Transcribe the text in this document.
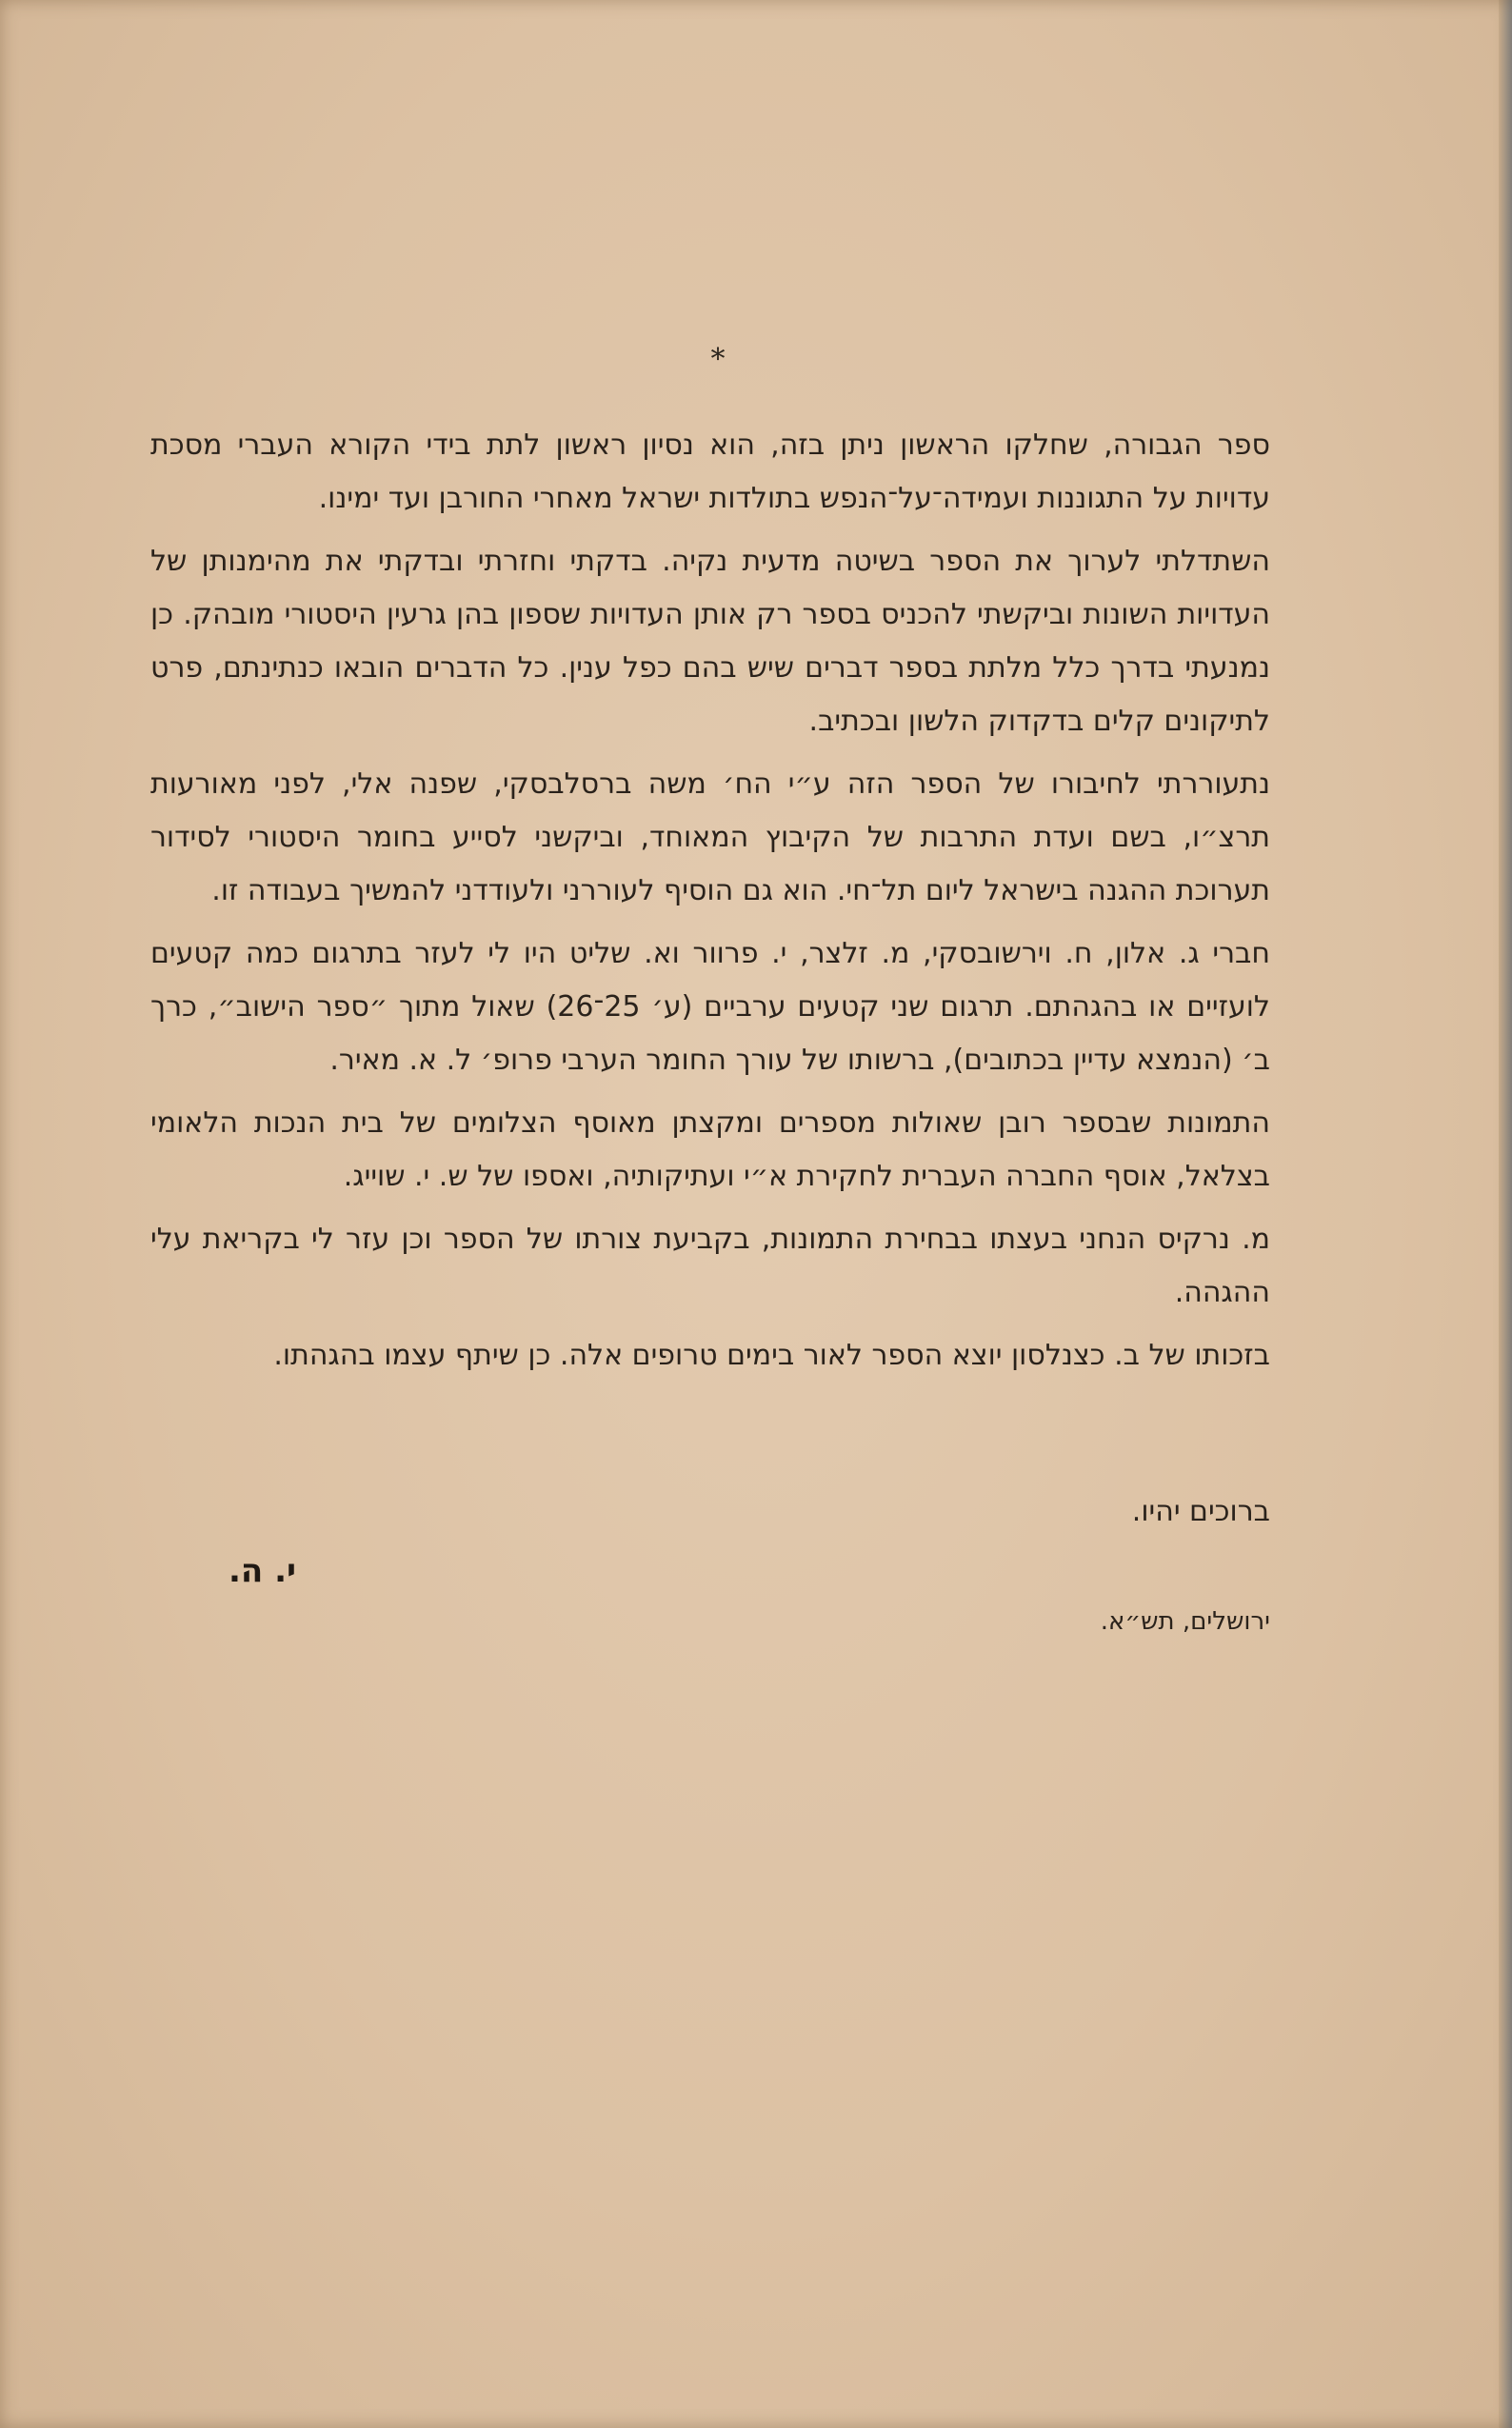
*

ספר הגבורה, שחלקו הראשון ניתן בזה, הוא נסיון ראשון לתת בידי הקורא העברי מסכת עדויות על התגוננות ועמידה־על־הנפש בתולדות ישראל מאחרי החורבן ועד ימינו.

השתדלתי לערוך את הספר בשיטה מדעית נקיה. בדקתי וחזרתי ובדקתי את מהימנותן של העדויות השונות וביקשתי להכניס בספר רק אותן העדויות שספון בהן גרעין היסטורי מובהק. כן נמנעתי בדרך כלל מלתת בספר דברים שיש בהם כפל ענין. כל הדברים הובאו כנתינתם, פרט לתיקונים קלים בדקדוק הלשון ובכתיב.

נתעוררתי לחיבורו של הספר הזה ע״י הח׳ משה ברסלבסקי, שפנה אלי, לפני מאורעות תרצ״ו, בשם ועדת התרבות של הקיבוץ המאוחד, וביקשני לסייע בחומר היסטורי לסידור תערוכת ההגנה בישראל ליום תל־חי. הוא גם הוסיף לעוררני ולעודדני להמשיך בעבודה זו.

חברי ג. אלון, ח. וירשובסקי, מ. זלצר, י. פרוור וא. שליט היו לי לעזר בתרגום כמה קטעים לועזיים או בהגהתם. תרגום שני קטעים ערביים (ע׳ 25־26) שאול מתוך ״ספר הישוב״, כרך ב׳ (הנמצא עדיין בכתובים), ברשותו של עורך החומר הערבי פרופ׳ ל. א. מאיר.

התמונות שבספר רובן שאולות מספרים ומקצתן מאוסף הצלומים של בית הנכות הלאומי בצלאל, אוסף החברה העברית לחקירת א״י ועתיקותיה, ואספו של ש. י. שוייג.

מ. נרקיס הנחני בעצתו בבחירת התמונות, בקביעת צורתו של הספר וכן עזר לי בקריאת עלי ההגהה.

בזכותו של ב. כצנלסון יוצא הספר לאור בימים טרופים אלה. כן שיתף עצמו בהגהתו.

ברוכים יהיו.
י. ה.
ירושלים, תש״א.
